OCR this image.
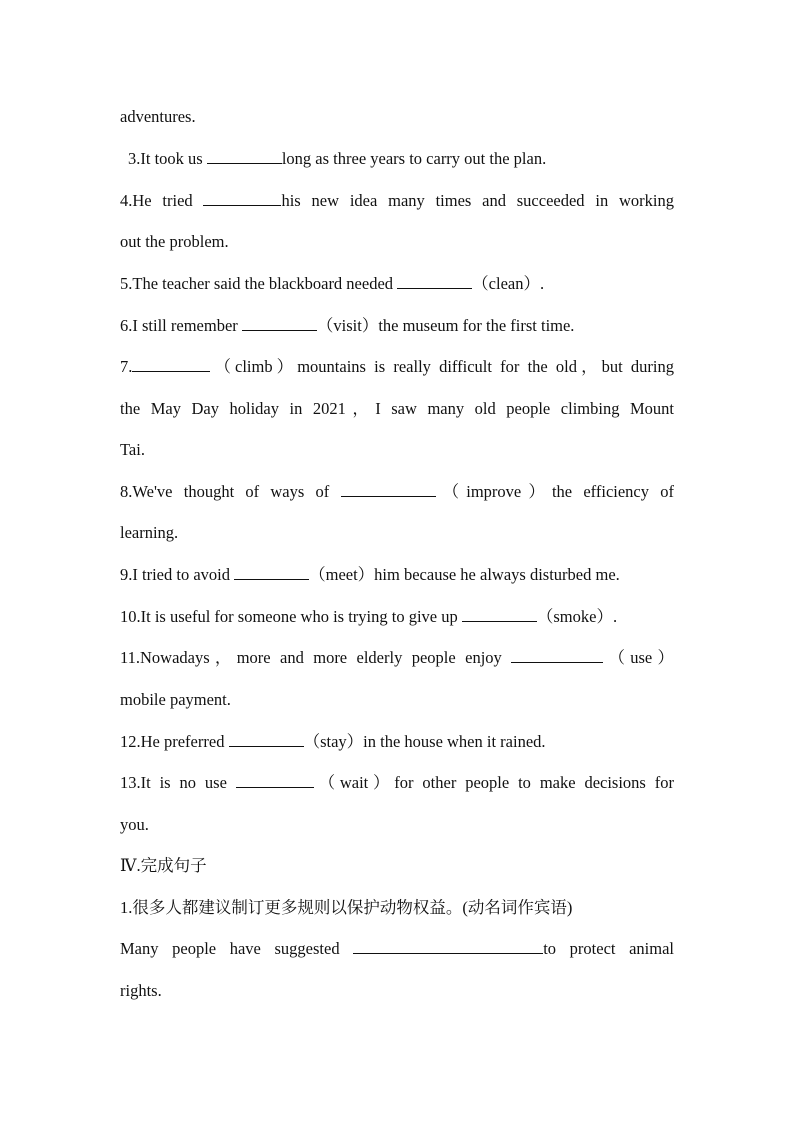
adventures.
3.It took us	long as three years to carry out the plan.
4.He tried	his new idea many times and succeeded in working
out the problem.
5.The teacher said the blackboard needed	（clean）.
6.I still remember	（visit）the museum for the first time.
7.	（climb）mountains is really difficult for the old，but during
the May Day holiday in 2021，I saw many old people climbing Mount
Tai.
8.We've thought of ways of	（improve）the efficiency of
learning.
9.I tried to avoid	（meet）him because he always disturbed me.
10.It is useful for someone who is trying to give up	（smoke）.
11.Nowadays，more and more elderly people enjoy	（use）
mobile payment.
12.He preferred	（stay）in the house when it rained.
13.It is no use	（wait）for other people to make decisions for
you.
Ⅳ.完成句子
1.很多人都建议制订更多规则以保护动物权益。(动名词作宾语)
Many people have suggested	to protect animal
rights.
